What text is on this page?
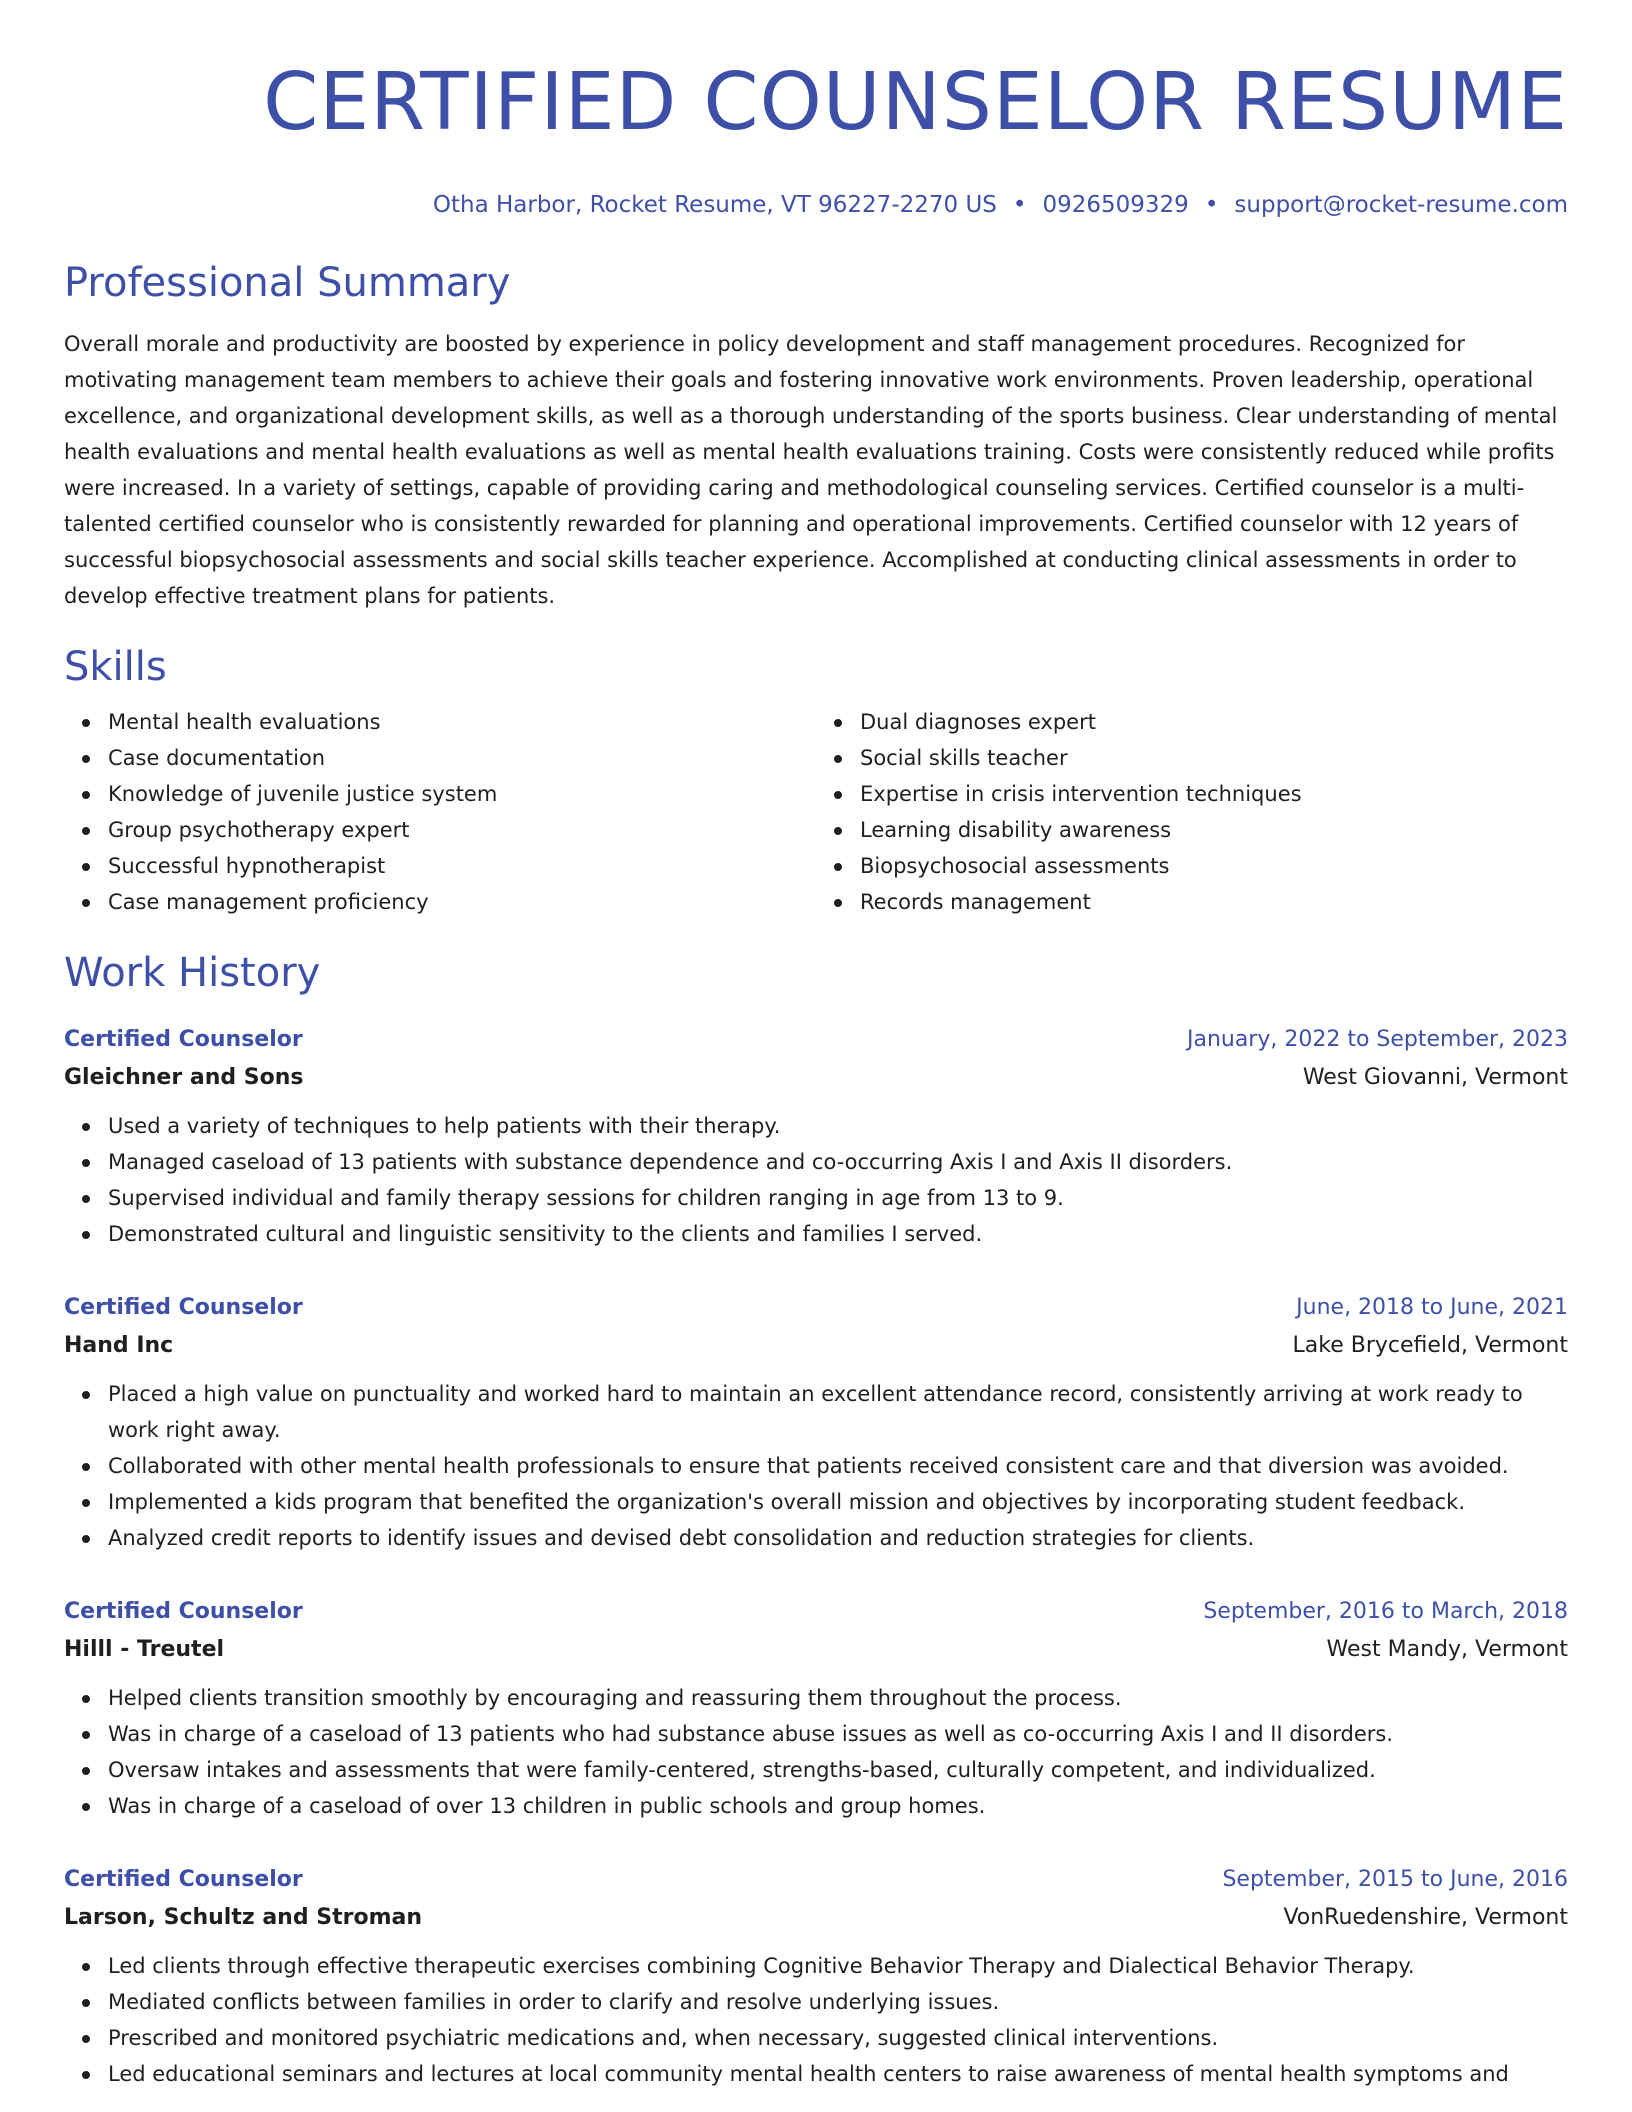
CERTIFIED COUNSELOR RESUME
Otha Harbor, Rocket Resume, VT 96227-2270 US • 0926509329 • support@rocket-resume.com
Professional Summary

Overall morale and productivity are boosted by experience in policy development and staff management procedures. Recognized for motivating management team members to achieve their goals and fostering innovative work environments. Proven leadership, operational excellence, and organizational development skills, as well as a thorough understanding of the sports business. Clear understanding of mental health evaluations and mental health evaluations as well as mental health evaluations training. Costs were consistently reduced while profits were increased. In a variety of settings, capable of providing caring and methodological counseling services. Certified counselor is a multi-talented certified counselor who is consistently rewarded for planning and operational improvements. Certified counselor with 12 years of successful biopsychosocial assessments and social skills teacher experience. Accomplished at conducting clinical assessments in order to develop effective treatment plans for patients.

Skills
Mental health evaluations
Case documentation
Knowledge of juvenile justice system
Group psychotherapy expert
Successful hypnotherapist
Case management proficiency
Dual diagnoses expert
Social skills teacher
Expertise in crisis intervention techniques
Learning disability awareness
Biopsychosocial assessments
Records management
Work History
Certified Counselor	January, 2022 to September, 2023
Gleichner and Sons	West Giovanni, Vermont
Used a variety of techniques to help patients with their therapy.
Managed caseload of 13 patients with substance dependence and co-occurring Axis I and Axis II disorders.
Supervised individual and family therapy sessions for children ranging in age from 13 to 9.
Demonstrated cultural and linguistic sensitivity to the clients and families I served.
Certified Counselor	June, 2018 to June, 2021
Hand Inc	Lake Brycefield, Vermont
Placed a high value on punctuality and worked hard to maintain an excellent attendance record, consistently arriving at work ready to work right away.
Collaborated with other mental health professionals to ensure that patients received consistent care and that diversion was avoided.
Implemented a kids program that benefited the organization's overall mission and objectives by incorporating student feedback.
Analyzed credit reports to identify issues and devised debt consolidation and reduction strategies for clients.
Certified Counselor	September, 2016 to March, 2018
Hilll - Treutel	West Mandy, Vermont
Helped clients transition smoothly by encouraging and reassuring them throughout the process.
Was in charge of a caseload of 13 patients who had substance abuse issues as well as co-occurring Axis I and II disorders.
Oversaw intakes and assessments that were family-centered, strengths-based, culturally competent, and individualized.
Was in charge of a caseload of over 13 children in public schools and group homes.
Certified Counselor	September, 2015 to June, 2016
Larson, Schultz and Stroman	VonRuedenshire, Vermont
Led clients through effective therapeutic exercises combining Cognitive Behavior Therapy and Dialectical Behavior Therapy.
Mediated conflicts between families in order to clarify and resolve underlying issues.
Prescribed and monitored psychiatric medications and, when necessary, suggested clinical interventions.
Led educational seminars and lectures at local community mental health centers to raise awareness of mental health symptoms and
